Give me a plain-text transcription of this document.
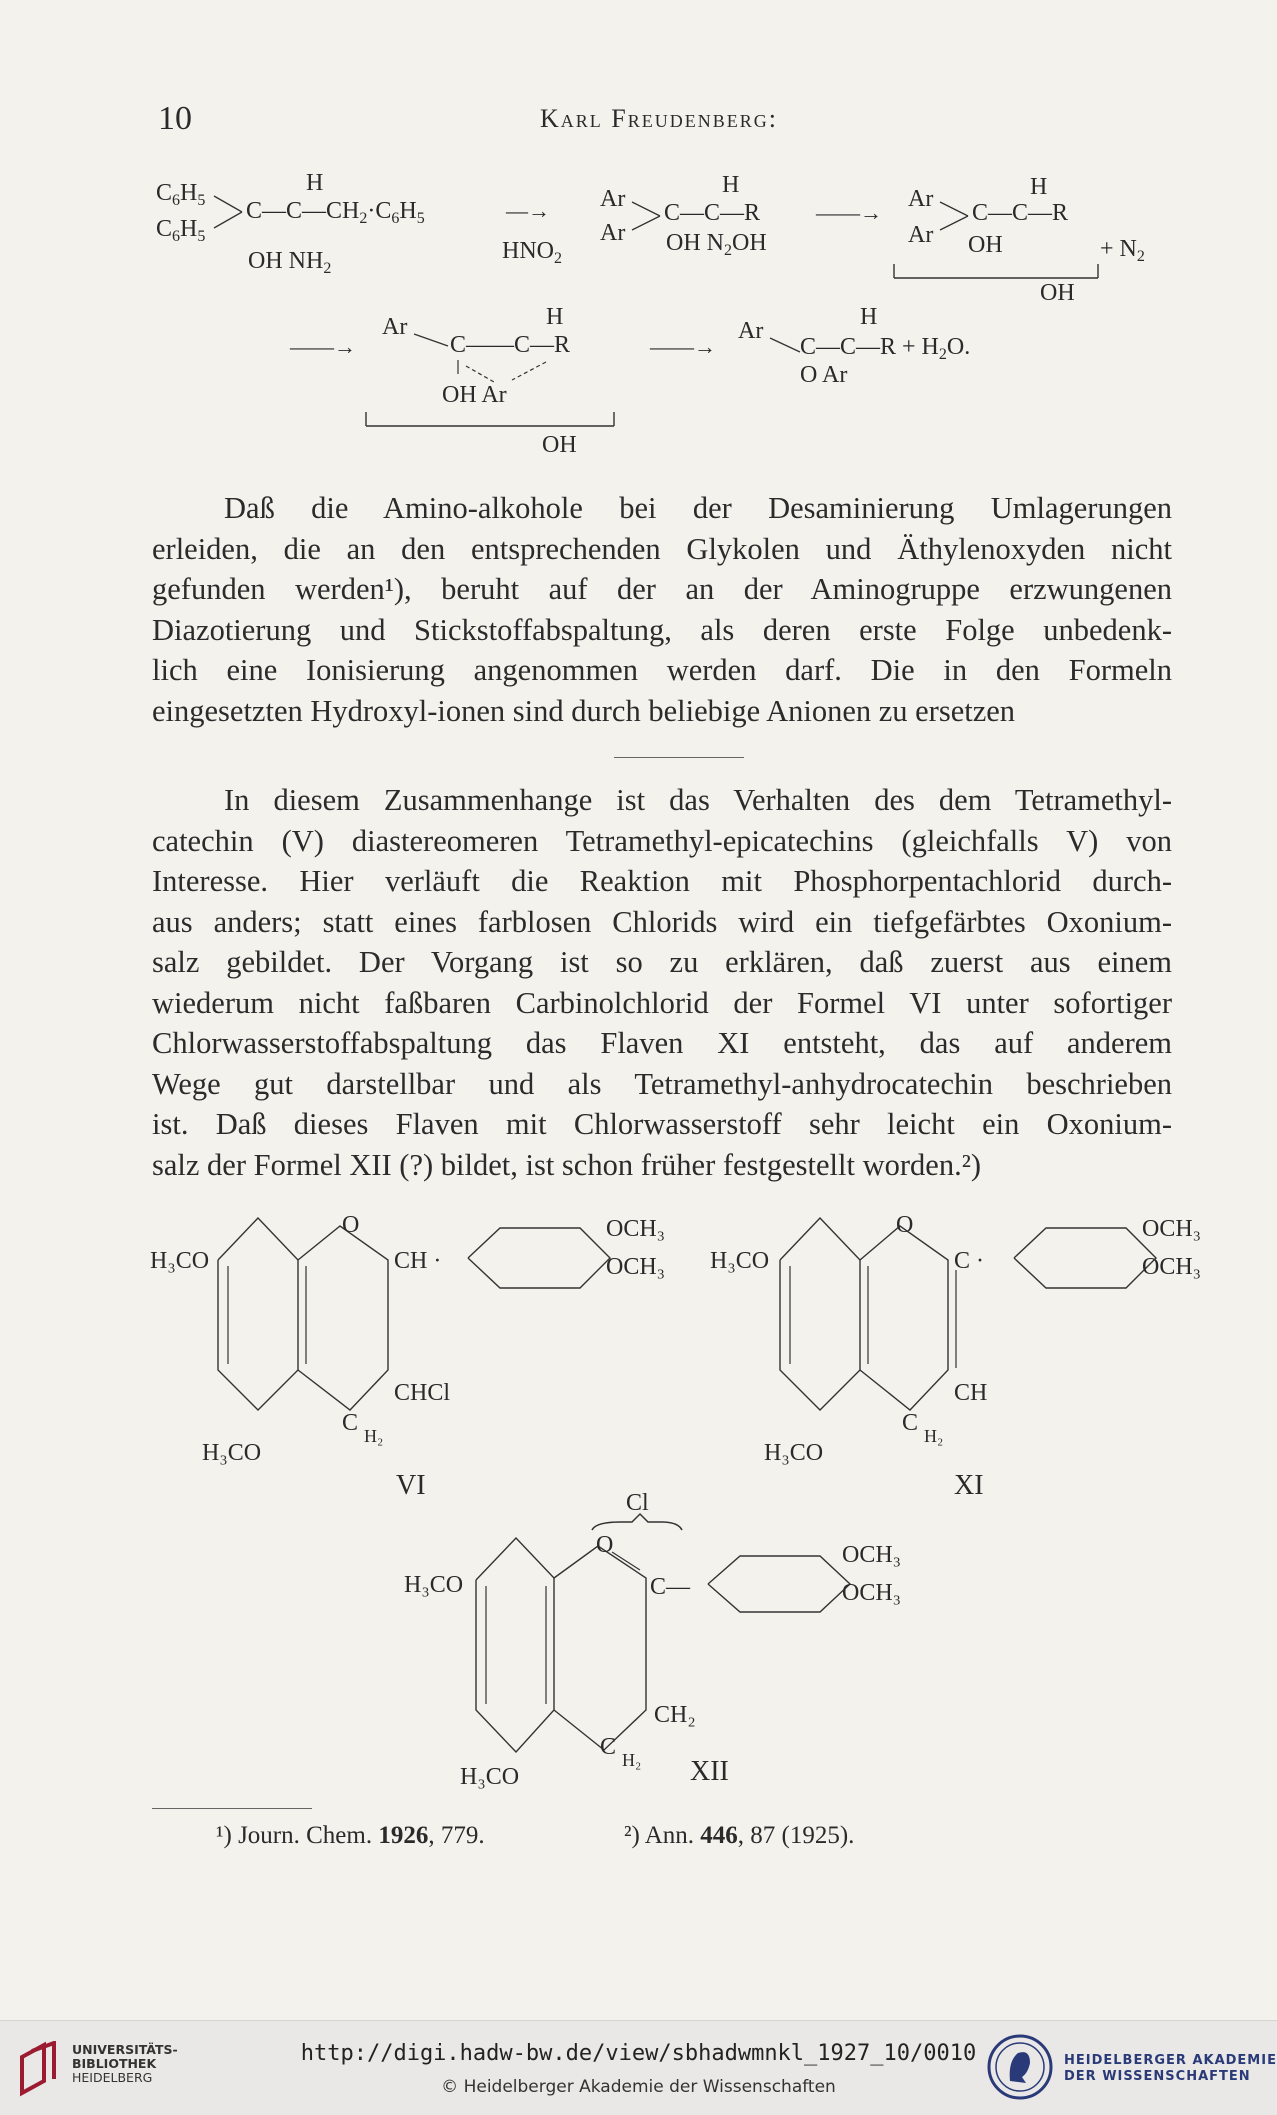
10	Karl Freudenberg:
$C_6H_5$
$C_6H_5$
H
$C—C—CH_2\cdot C_6H_5$
OH $NH_2$
—→
$HNO_2$
Ar
Ar
H
C—C—R
OH $N_2OH$
——→
Ar
Ar
H
C—C—R
OH	+ $N_2$
OH
——→
Ar	H
C——C—R
OH Ar
OH
——→
Ar
H
C—C—R + $H_2O$.
O Ar
Daß die Amino-alkohole bei der Desaminierung Umlagerungen
erleiden, die an den entsprechenden Glykolen und Äthylenoxyden nicht
gefunden werden¹), beruht auf der an der Aminogruppe erzwungenen
Diazotierung und Stickstoffabspaltung, als deren erste Folge unbedenk-
lich eine Ionisierung angenommen werden darf. Die in den Formeln
eingesetzten Hydroxyl-ionen sind durch beliebige Anionen zu ersetzen
In diesem Zusammenhange ist das Verhalten des dem Tetramethyl-
catechin (V) diastereomeren Tetramethyl-epicatechins (gleichfalls V) von
Interesse. Hier verläuft die Reaktion mit Phosphorpentachlorid durch-
aus anders; statt eines farblosen Chlorids wird ein tiefgefärbtes Oxonium-
salz gebildet. Der Vorgang ist so zu erklären, daß zuerst aus einem
wiederum nicht faßbaren Carbinolchlorid der Formel VI unter sofortiger
Chlorwasserstoffabspaltung das Flaven XI entsteht, das auf anderem
Wege gut darstellbar und als Tetramethyl-anhydrocatechin beschrieben
ist. Daß dieses Flaven mit Chlorwasserstoff sehr leicht ein Oxonium-
salz der Formel XII (?) bildet, ist schon früher festgestellt worden.²)
H₃CO
O
CH ·
OCH₃
OCH₃
CHCl
C H₂
H₃CO
VI
H₃CO
O
C ·
OCH₃
OCH₃
CH
C H₂
H₃CO
XI
Cl
H₃CO
O
C—
OCH₃
OCH₃
CH₂
C H₂
H₃CO	XII
¹) Journ. Chem. 1926, 779.	²) Ann. 446, 87 (1925).
UNIVERSITÄTS-
BIBLIOTHEK
HEIDELBERG
http://digi.hadw-bw.de/view/sbhadwmnkl_1927_10/0010
© Heidelberger Akademie der Wissenschaften
HEIDELBERGER AKADEMIE
DER WISSENSCHAFTEN
